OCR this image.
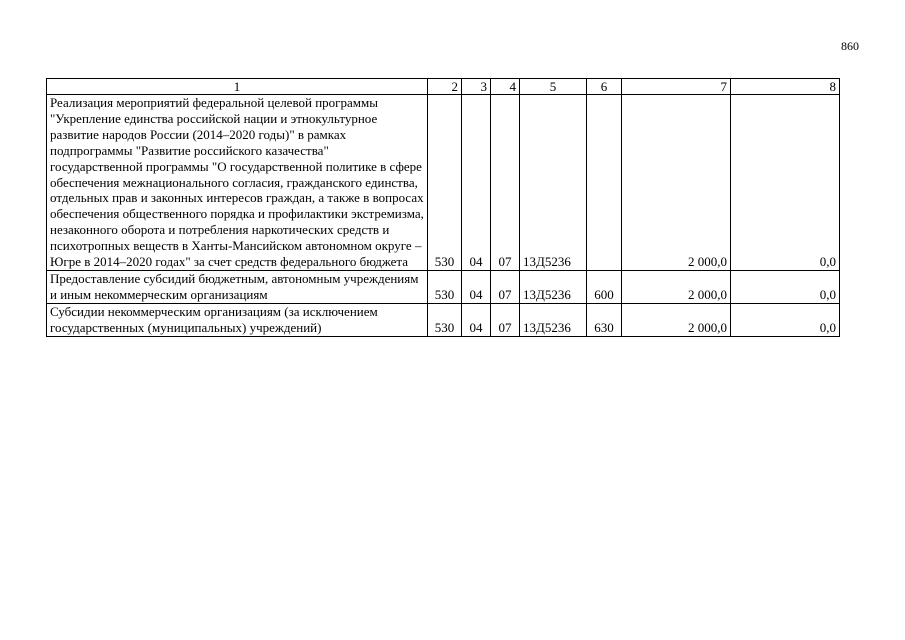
860
1	2	3	4	5	6	7	8
Реализация мероприятий федеральной целевой программы "Укрепление единства российской нации и этнокультурное развитие народов России (2014–2020 годы)" в рамках подпрограммы "Развитие российского казачества" государственной программы "О государственной политике в сфере обеспечения межнационального согласия, гражданского единства, отдельных прав и законных интересов граждан, а также в вопросах обеспечения общественного порядка и профилактики экстремизма, незаконного оборота и потребления наркотических средств и психотропных веществ в Ханты-Мансийском автономном округе – Югре в 2014–2020 годах" за счет средств федерального бюджета	530	04	07	13Д5236		2 000,0	0,0
Предоставление субсидий бюджетным, автономным учреждениям и иным некоммерческим организациям	530	04	07	13Д5236	600	2 000,0	0,0
Субсидии некоммерческим организациям (за исключением государственных (муниципальных) учреждений)	530	04	07	13Д5236	630	2 000,0	0,0
